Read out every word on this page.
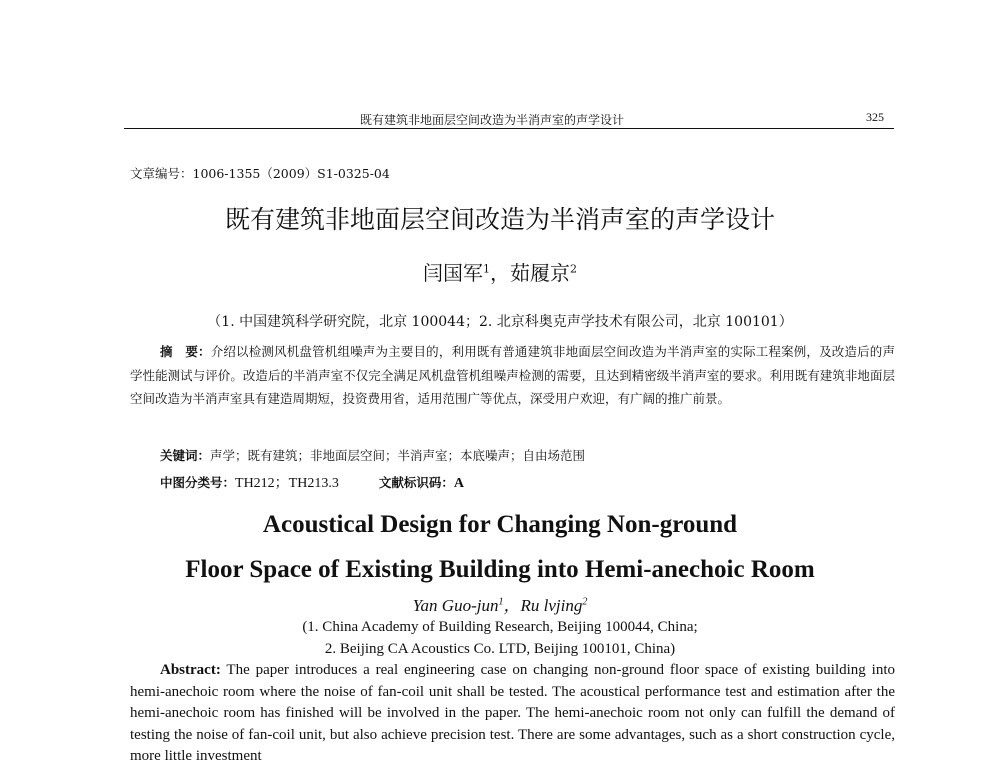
既有建筑非地面层空间改造为半消声室的声学设计	325
文章编号：1006-1355（2009）S1-0325-04
既有建筑非地面层空间改造为半消声室的声学设计
闫国军$^1$，茹履京$^2$
（1. 中国建筑科学研究院，北京 100044；2. 北京科奥克声学技术有限公司，北京 100101）
摘　要：介绍以检测风机盘管机组噪声为主要目的，利用既有普通建筑非地面层空间改造为半消声室的实际工程案例，及改造后的声学性能测试与评价。改造后的半消声室不仅完全满足风机盘管机组噪声检测的需要，且达到精密级半消声室的要求。利用既有建筑非地面层空间改造为半消声室具有建造周期短，投资费用省，适用范围广等优点，深受用户欢迎，有广阔的推广前景。
关键词：声学；既有建筑；非地面层空间；半消声室；本底噪声；自由场范围
中图分类号：TH212；TH213.3	文献标识码：A
Acoustical Design for Changing Non-ground
Floor Space of Existing Building into Hemi-anechoic Room
Yan Guo-jun$^1$，Ru lvjing$^2$
(1. China Academy of Building Research, Beijing 100044, China;
2. Beijing CA Acoustics Co. LTD, Beijing 100101, China)
Abstract: The paper introduces a real engineering case on changing non-ground floor space of existing building into hemi-anechoic room where the noise of fan-coil unit shall be tested. The acoustical performance test and estimation after the hemi-anechoic room has finished will be involved in the paper. The hemi-anechoic room not only can fulfill the demand of testing the noise of fan-coil unit, but also achieve precision test. There are some advantages, such as a short construction cycle, more little investment
